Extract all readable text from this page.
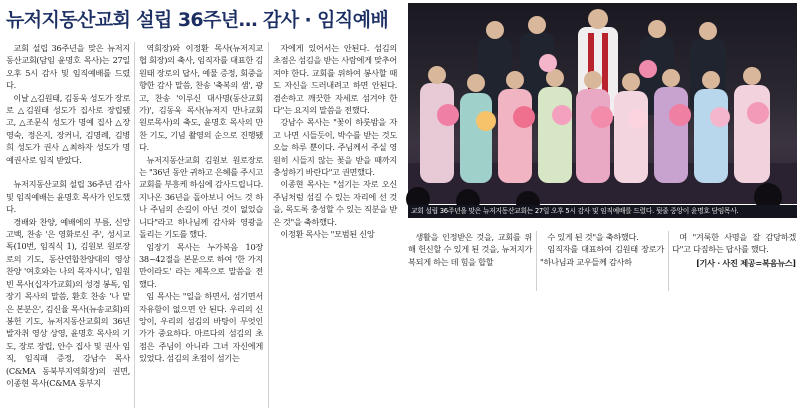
뉴저지동산교회 설립 36주년… 감사 · 임직예배

교회 설립 36주년을 맞은 뉴저지동산교회(담임 윤명호 목사)는 27일 오후 5시 감사 및 임직예배를 드렸다.

이날 △김원태, 김동욱 성도가 장로로 △김원태 성도가 집사로 장립됐고, △조문식 성도가 명예 집사 △장영숙, 정은지, 장커니, 김명례, 김병희 성도가 권사 △최하자 성도가 명예권사로 임직 받았다.

뉴저지동산교회 설립 36주년 감사 및 임직예배는 윤명호 목사가 인도했다.

경배와 찬양, 예배에의 부름, 신앙 고백, 찬송 '은 영화로신 주', 성시교독(10번, 임직식 1), 김원보 원로장로의 기도, 동산연합찬양대의 영상 찬양 '여호와는 나의 목자시니', 임원빈 목사(십자가교회)의 성경 봉독, 임장기 목사의 말씀, 환호 찬송 '나 맡은 본분은', 김신율 목사(뉴송교회)의 봉헌 기도, 뉴저지동산교회의 36년 발자취 영상 상영, 윤명호 목사의 기도, 장로 장립, 안수 집사 및 권사 임직, 임직패 증정, 강남수 목사(C&MA 동북부지역회장)의 권면, 이종현 목사(C&MA 동부지

역회장)와 이정환 목사(뉴저지교협 회장)의 축사, 임직자를 대표한 김원태 장로의 답사, 예물 증정, 회중을 향한 감사 말씀, 찬송 '축복의 샘', 광고, 찬송 '이루신 대사명(동산교회가)', 김동욱 목사(뉴저지 만나교회 원로목사)의 축도, 윤명호 목사의 만찬 기도, 기념 촬영의 순으로 진행됐다.

뉴저지동산교회 김원보 원로장로는 "36년 동안 귀하고 은혜를 주시고 교회를 부흥케 하심에 감사드립니다. 지나온 36년을 돌아보니 어느 것 하나 주님의 손길이 아닌 것이 없었습니다"라고 하나님께 감사와 영광을 돌리는 기도를 했다.

임장기 목사는 누가복음 10장 38~42절을 본문으로 하여 '한 가지 만이라도' 라는 제목으로 말씀을 전했다.

임 목사는 "일을 하면서, 섬기면서 자유함이 없으면 안 된다. 우리의 신앙이, 우리의 섬김의 바탕이 무엇인가가 중요하다. 마르다의 섬김의 초점은 주님이 아니라 그녀 자신에게 있었다. 섬김의 초점이 섬기는

자에게 있어서는 안된다. 섬김의 초점은 섬김을 받는 사람에게 맞추어져야 한다. 교회를 위하여 봉사할 때도 자신을 드러내려고 하면 안된다. 겸손하고 깨끗한 자세로 섬겨야 한다"는 요지의 말씀을 전했다.

강남수 목사는 "꽃이 하룻밤을 자고 나면 시들듯이, 박수를 받는 것도 오늘 하루 뿐이다. 주님께서 주실 영원히 시들지 않는 꽃을 받을 때까지 충성하기 바란다"고 권면했다.

이종현 목사는 "섬기는 자로 오신 주님처럼 섬길 수 있는 자리에 선 것을, 목도록 충성할 수 있는 직분을 받은 것"을 축하했다.

이정환 목사는 "모범된 신앙

교회 설립 36주년을 맞은 뉴저지동산교회는 27일 오후 5시 감사 및 임직예배를 드렸다. 뒷줄 중앙이 윤명호 담임목사.

생활을 인정받은 것을, 교회를 위해 헌신할 수 있게 된 것을, 뉴저지가 복되게 하는 데 힘을 합할

수 있게 된 것"을 축하했다.

임직자를 대표하여 김원태 장로가 "하나님과 교우들께 감사하

며 "겨룩한 사명을 잘 감당하겠다"고 다짐하는 답사를 했다.

[기사 · 사진 제공=복음뉴스]
